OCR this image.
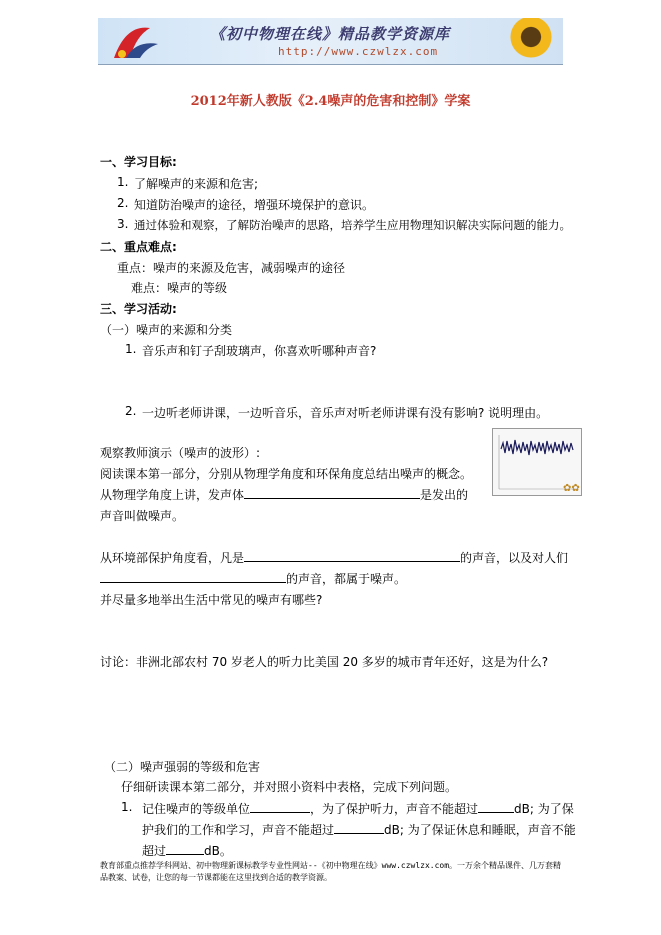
《初中物理在线》精品教学资源库
http://www.czwlzx.com
2012年新人教版《2.4噪声的危害和控制》学案
一、学习目标:
1. 了解噪声的来源和危害;
2. 知道防治噪声的途径，增强环境保护的意识。
3. 通过体验和观察，了解防治噪声的思路，培养学生应用物理知识解决实际问题的能力。
二、重点难点:
重点：噪声的来源及危害，减弱噪声的途径
难点：噪声的等级
三、学习活动:
（一）噪声的来源和分类
1. 音乐声和钉子刮玻璃声，你喜欢听哪种声音?
2. 一边听老师讲课，一边听音乐，音乐声对听老师讲课有没有影响? 说明理由。
观察教师演示（噪声的波形）:
阅读课本第一部分，分别从物理学角度和环保角度总结出噪声的概念。
从物理学角度上讲，发声体	是发出的
声音叫做噪声。
✿✿
从环境部保护角度看，凡是	的声音，以及对人们
的声音，都属于噪声。
并尽量多地举出生活中常见的噪声有哪些?
讨论：非洲北部农村 70 岁老人的听力比美国 20 多岁的城市青年还好，这是为什么?
（二）噪声强弱的等级和危害
仔细研读课本第二部分，并对照小资料中表格，完成下列问题。
1. 记住噪声的等级单位	，为了保护听力，声音不能超过	dB; 为了保
护我们的工作和学习，声音不能超过	dB; 为了保证休息和睡眠，声音不能
超过	dB。
教育部重点推荐学科网站、初中物理新课标教学专业性网站--《初中物理在线》www.czwlzx.com。一万余个精品课件、几万套精品教案、试卷，让您的每一节课都能在这里找到合适的教学资源。
